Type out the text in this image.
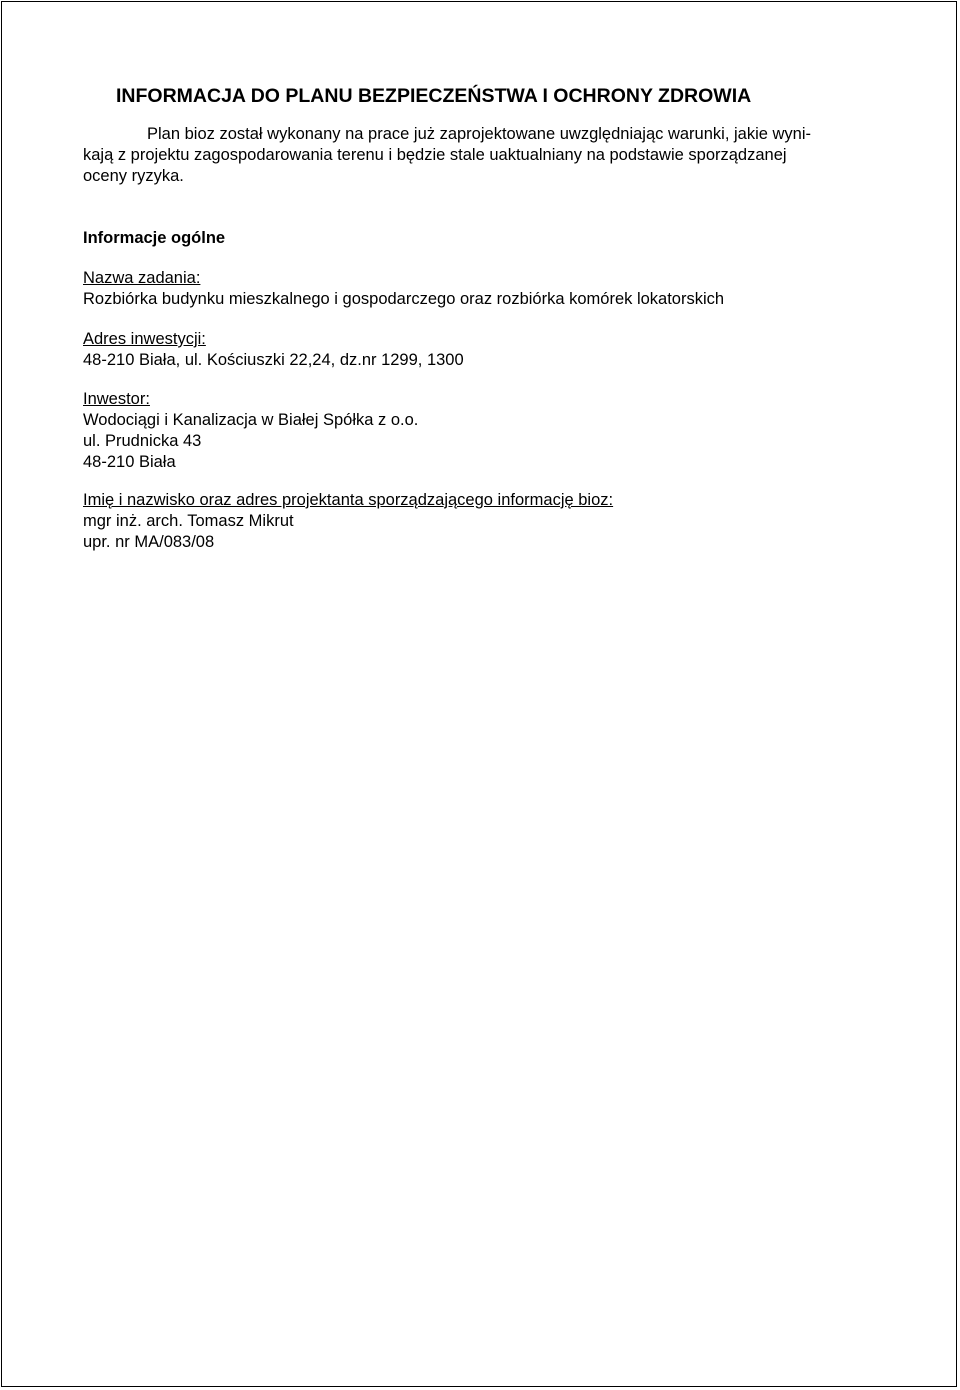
INFORMACJA DO PLANU BEZPIECZEŃSTWA I OCHRONY ZDROWIA
Plan bioz został wykonany na prace już zaprojektowane uwzględniając warunki, jakie wyni-
kają z projektu zagospodarowania terenu i będzie stale uaktualniany na podstawie sporządzanej
oceny ryzyka.
Informacje ogólne
Nazwa zadania:
Rozbiórka budynku mieszkalnego i gospodarczego oraz rozbiórka komórek lokatorskich
Adres inwestycji:
48-210 Biała, ul. Kościuszki 22,24, dz.nr 1299, 1300
Inwestor:
Wodociągi i Kanalizacja w Białej Spółka z o.o.
ul. Prudnicka 43
48-210 Biała
Imię i nazwisko oraz adres projektanta sporządzającego informację bioz:
mgr inż. arch. Tomasz Mikrut
upr. nr MA/083/08
